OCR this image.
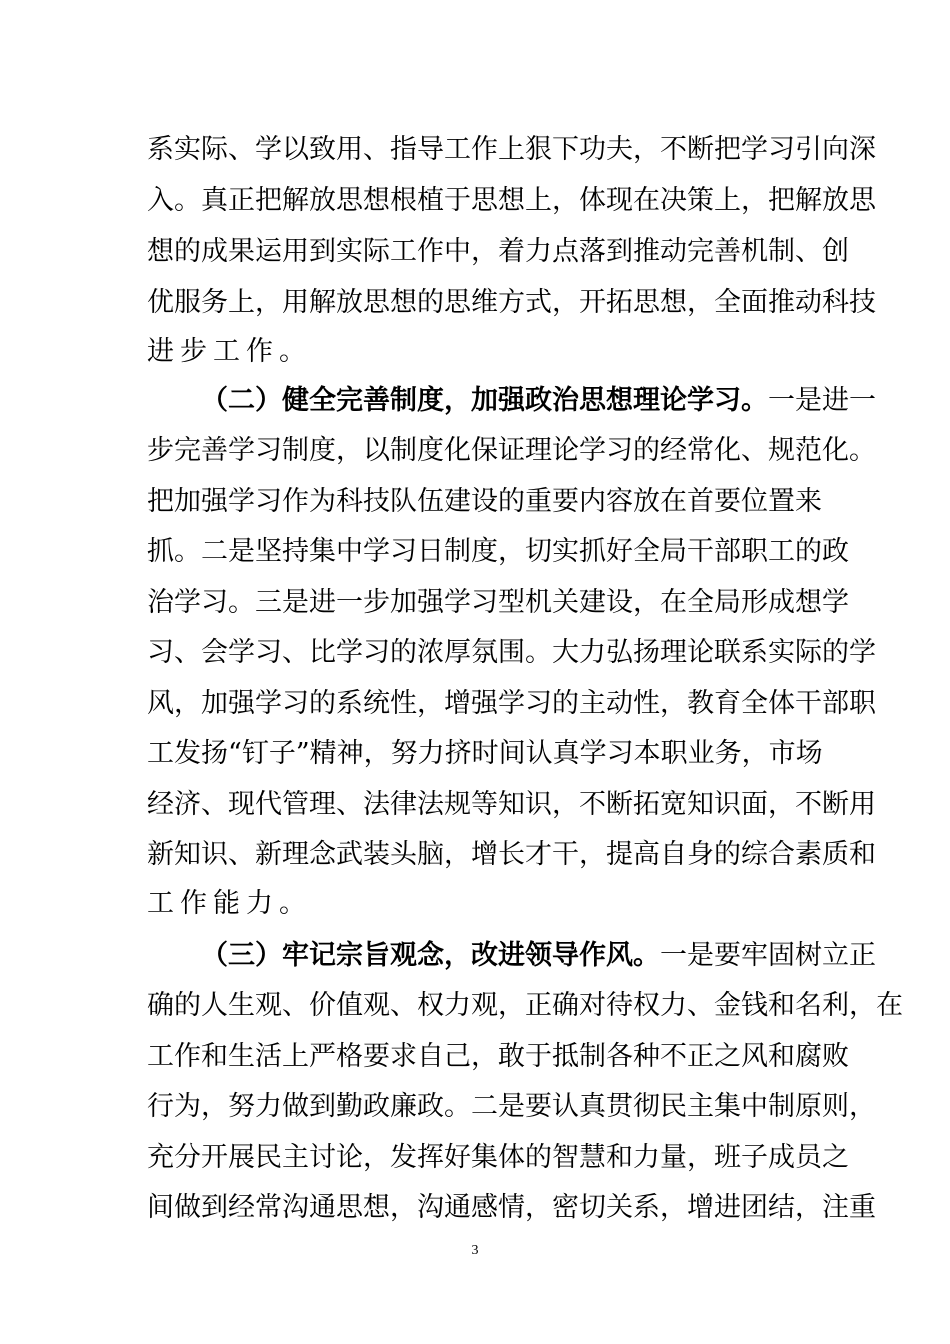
系 实 际 、 学 以 致 用 、 指 导 工 作 上 狠 下 功 夫 ， 不 断 把 学 习 引 向 深
入 。 真 正 把 解 放 思 想 根 植 于 思 想 上 ， 体 现 在 决 策 上 ， 把 解 放 思
想 的 成 果 运 用 到 实 际 工 作 中 ， 着 力 点 落 到 推 动 完 善 机 制 、 创
优 服 务 上 ， 用 解 放 思 想 的 思 维 方 式 ， 开 拓 思 想 ， 全 面 推 动 科 技
进步工作。
（二）健全完善制度，加强政治思想理论学习。 一是进一
步 完 善 学 习 制 度 ， 以 制 度 化 保 证 理 论 学 习 的 经 常 化 、 规 范 化 。
把 加 强 学 习 作 为 科 技 队 伍 建 设 的 重 要 内 容 放 在 首 要 位 置 来
抓 。 二 是 坚 持 集 中 学 习 日 制 度 ， 切 实 抓 好 全 局 干 部 职 工 的 政
治 学 习 。 三 是 进 一 步 加 强 学 习 型 机 关 建 设 ， 在 全 局 形 成 想 学
习 、 会 学 习 、 比 学 习 的 浓 厚 氛 围 。 大 力 弘 扬 理 论 联 系 实 际 的 学
风 ， 加 强 学 习 的 系 统 性 ， 增 强 学 习 的 主 动 性 ， 教 育 全 体 干 部 职
工 发 扬 “ 钉 子 ” 精 神 ， 努 力 挤 时 间 认 真 学 习 本 职 业 务 ， 市 场
经 济 、 现 代 管 理 、 法 律 法 规 等 知 识 ， 不 断 拓 宽 知 识 面 ， 不 断 用
新 知 识 、 新 理 念 武 装 头 脑 ， 增 长 才 干 ， 提 高 自 身 的 综 合 素 质 和
工作能力。
（三）牢记宗旨观念，改进领导作风。 一是要牢固树立正
确 的 人 生 观 、 价 值 观 、 权 力 观 ， 正 确 对 待 权 力 、 金 钱 和 名 利 ， 在
工 作 和 生 活 上 严 格 要 求 自 己 ， 敢 于 抵 制 各 种 不 正 之 风 和 腐 败
行 为 ， 努 力 做 到 勤 政 廉 政 。 二 是 要 认 真 贯 彻 民 主 集 中 制 原 则 ，
充 分 开 展 民 主 讨 论 ， 发 挥 好 集 体 的 智 慧 和 力 量 ， 班 子 成 员 之
间 做 到 经 常 沟 通 思 想 ， 沟 通 感 情 ， 密 切 关 系 ， 增 进 团 结 ， 注 重
3
